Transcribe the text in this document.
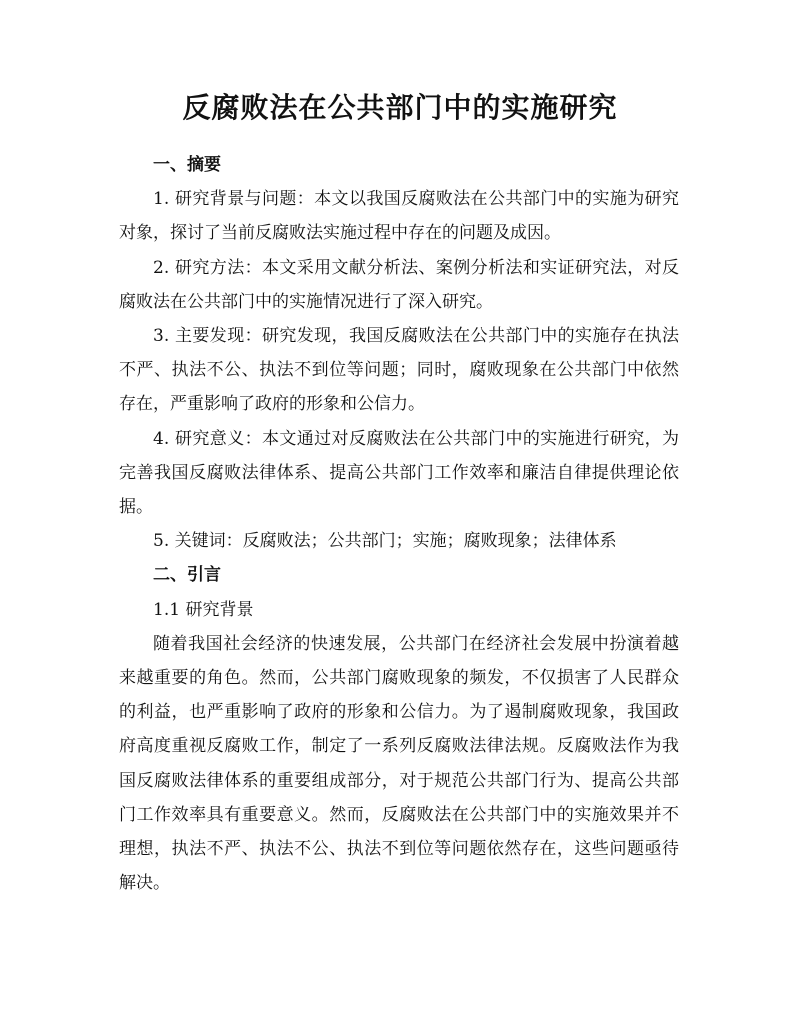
反腐败法在公共部门中的实施研究

一、摘要

1. 研究背景与问题：本文以我国反腐败法在公共部门中的实施为研究对象，探讨了当前反腐败法实施过程中存在的问题及成因。

2. 研究方法：本文采用文献分析法、案例分析法和实证研究法，对反腐败法在公共部门中的实施情况进行了深入研究。

3. 主要发现：研究发现，我国反腐败法在公共部门中的实施存在执法不严、执法不公、执法不到位等问题；同时，腐败现象在公共部门中依然存在，严重影响了政府的形象和公信力。

4. 研究意义：本文通过对反腐败法在公共部门中的实施进行研究，为完善我国反腐败法律体系、提高公共部门工作效率和廉洁自律提供理论依据。

5. 关键词：反腐败法；公共部门；实施；腐败现象；法律体系

二、引言

1.1 研究背景

随着我国社会经济的快速发展，公共部门在经济社会发展中扮演着越来越重要的角色。然而，公共部门腐败现象的频发，不仅损害了人民群众的利益，也严重影响了政府的形象和公信力。为了遏制腐败现象，我国政府高度重视反腐败工作，制定了一系列反腐败法律法规。反腐败法作为我国反腐败法律体系的重要组成部分，对于规范公共部门行为、提高公共部门工作效率具有重要意义。然而，反腐败法在公共部门中的实施效果并不理想，执法不严、执法不公、执法不到位等问题依然存在，这些问题亟待解决。
